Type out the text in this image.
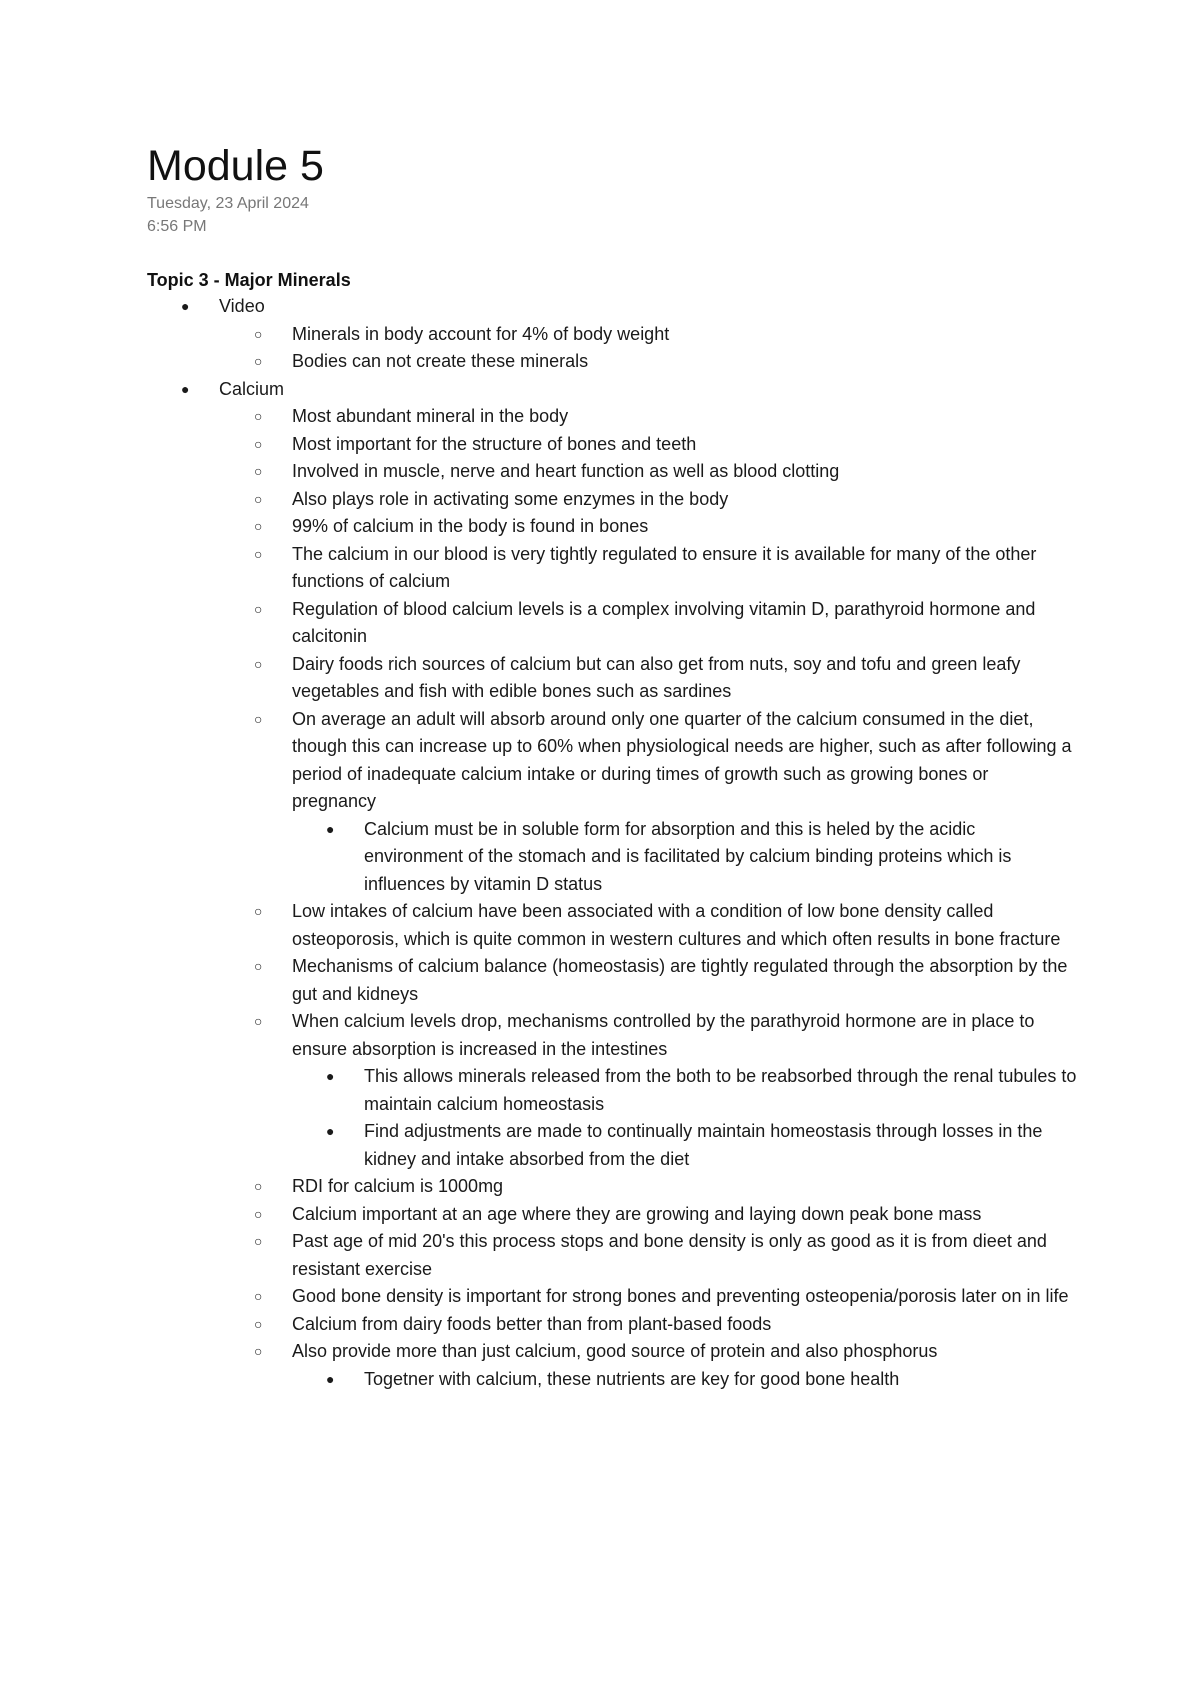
Module 5
Tuesday, 23 April 2024
6:56 PM
Topic 3 - Major Minerals
● Video
○ Minerals in body account for 4% of body weight
○ Bodies can not create these minerals
● Calcium
○ Most abundant mineral in the body
○ Most important for the structure of bones and teeth
○ Involved in muscle, nerve and heart function as well as blood clotting
○ Also plays role in activating some enzymes in the body
○ 99% of calcium in the body is found in bones
○ The calcium in our blood is very tightly regulated to ensure it is available for many of the other functions of calcium
○ Regulation of blood calcium levels is a complex involving vitamin D, parathyroid hormone and calcitonin
○ Dairy foods rich sources of calcium but can also get from nuts, soy and tofu and green leafy vegetables and fish with edible bones such as sardines
○ On average an adult will absorb around only one quarter of the calcium consumed in the diet, though this can increase up to 60% when physiological needs are higher, such as after following a period of inadequate calcium intake or during times of growth such as growing bones or pregnancy
● Calcium must be in soluble form for absorption and this is heled by the acidic environment of the stomach and is facilitated by calcium binding proteins which is influences by vitamin D status
○ Low intakes of calcium have been associated with a condition of low bone density called osteoporosis, which is quite common in western cultures and which often results in bone fracture
○ Mechanisms of calcium balance (homeostasis) are tightly regulated through the absorption by the gut and kidneys
○ When calcium levels drop, mechanisms controlled by the parathyroid hormone are in place to ensure absorption is increased in the intestines
● This allows minerals released from the both to be reabsorbed through the renal tubules to maintain calcium homeostasis
● Find adjustments are made to continually maintain homeostasis through losses in the kidney and intake absorbed from the diet
○ RDI for calcium is 1000mg
○ Calcium important at an age where they are growing and laying down peak bone mass
○ Past age of mid 20's this process stops and bone density is only as good as it is from dieet and resistant exercise
○ Good bone density is important for strong bones and preventing osteopenia/porosis later on in life
○ Calcium from dairy foods better than from plant-based foods
○ Also provide more than just calcium, good source of protein and also phosphorus
● Togetner with calcium, these nutrients are key for good bone health
